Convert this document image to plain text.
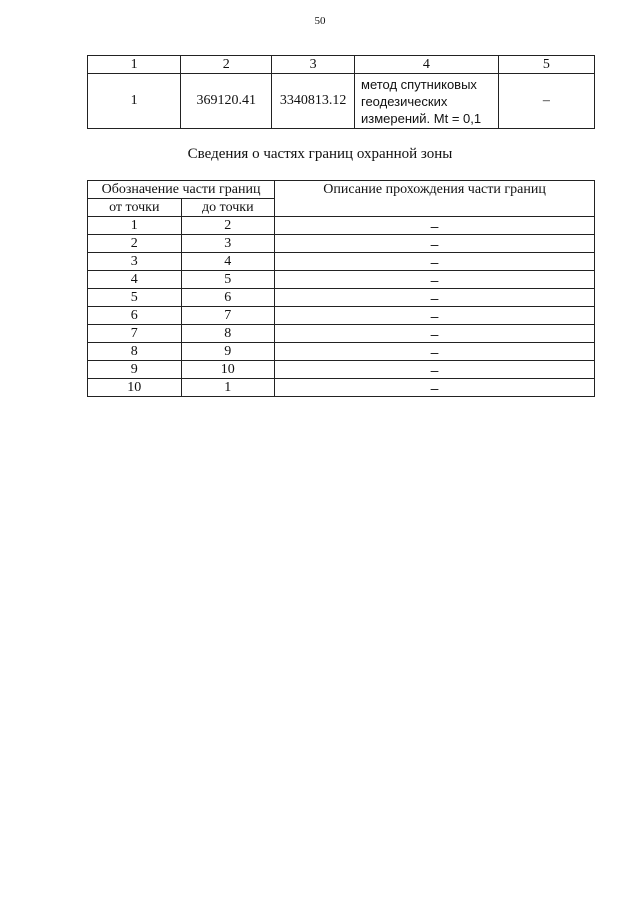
50
1	2	3	4	5
1	369120.41	3340813.12	метод спутниковых
геодезических
измерений. Mt = 0,1	–
Сведения о частях границ охранной зоны
Обозначение части границ		Описание прохождения части границ
от точки	до точки	
1	2	–
2	3	–
3	4	–
4	5	–
5	6	–
6	7	–
7	8	–
8	9	–
9	10	–
10	1	–
